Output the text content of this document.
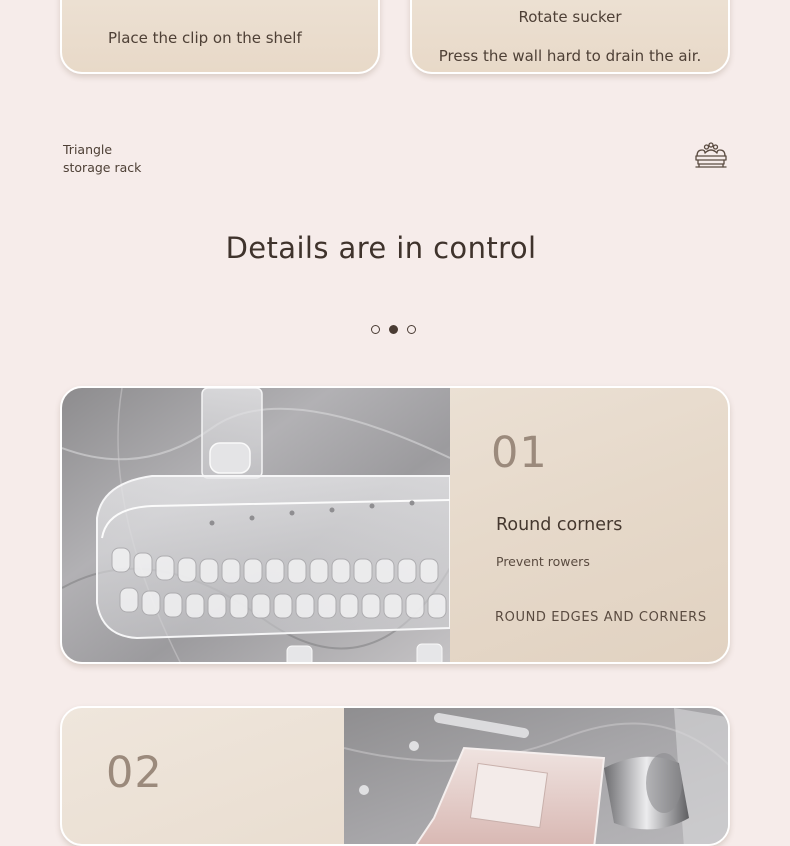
Place the clip on the shelf
Rotate sucker
Press the wall hard to drain the air.
Triangle
storage rack
Details are in control
01
Round corners
Prevent rowers
ROUND EDGES AND CORNERS
02
